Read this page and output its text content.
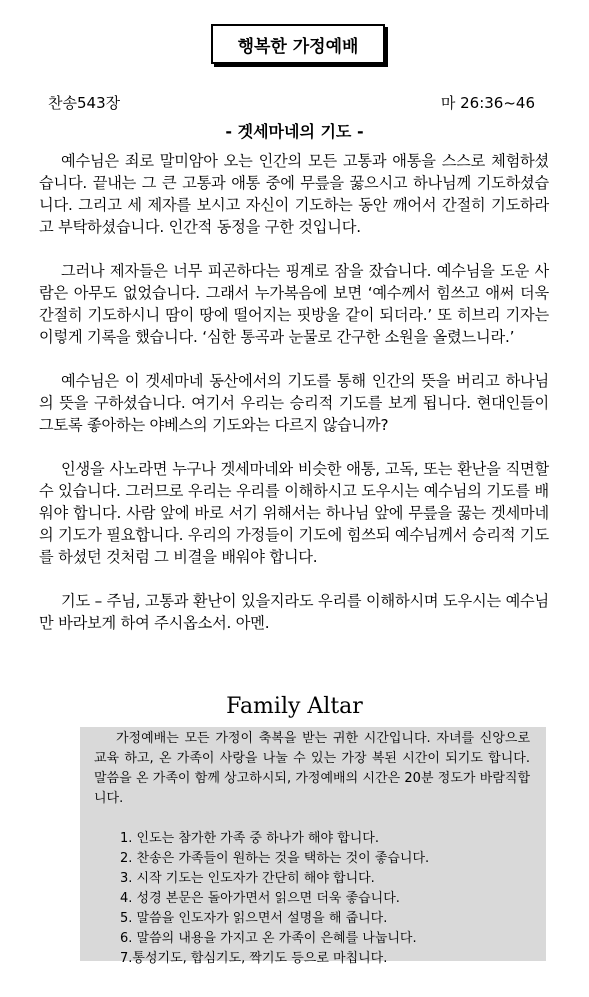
행복한 가정예배
찬송543장	마 26:36~46
- 겟세마네의 기도 -

예수님은 죄로 말미암아 오는 인간의 모든 고통과 애통을 스스로 체험하셨습니다. 끝내는 그 큰 고통과 애통 중에 무릎을 꿇으시고 하나님께 기도하셨습니다. 그리고 세 제자를 보시고 자신이 기도하는 동안 깨어서 간절히 기도하라고 부탁하셨습니다. 인간적 동정을 구한 것입니다.

그러나 제자들은 너무 피곤하다는 핑계로 잠을 잤습니다. 예수님을 도운 사람은 아무도 없었습니다. 그래서 누가복음에 보면 ‘예수께서 힘쓰고 애써 더욱 간절히 기도하시니 땀이 땅에 떨어지는 핏방울 같이 되더라.’ 또 히브리 기자는 이렇게 기록을 했습니다. ‘심한 통곡과 눈물로 간구한 소원을 올렸느니라.’

예수님은 이 겟세마네 동산에서의 기도를 통해 인간의 뜻을 버리고 하나님의 뜻을 구하셨습니다. 여기서 우리는 승리적 기도를 보게 됩니다. 현대인들이 그토록 좋아하는 야베스의 기도와는 다르지 않습니까?

인생을 사노라면 누구나 겟세마네와 비슷한 애통, 고독, 또는 환난을 직면할 수 있습니다. 그러므로 우리는 우리를 이해하시고 도우시는 예수님의 기도를 배워야 합니다. 사람 앞에 바로 서기 위해서는 하나님 앞에 무릎을 꿇는 겟세마네의 기도가 필요합니다. 우리의 가정들이 기도에 힘쓰되 예수님께서 승리적 기도를 하셨던 것처럼 그 비결을 배워야 합니다.

기도 – 주님, 고통과 환난이 있을지라도 우리를 이해하시며 도우시는 예수님만 바라보게 하여 주시옵소서. 아멘.

Family Altar

가정예배는 모든 가정이 축복을 받는 귀한 시간입니다. 자녀를 신앙으로 교육 하고, 온 가족이 사랑을 나눌 수 있는 가장 복된 시간이 되기도 합니다. 말씀을 온 가족이 함께 상고하시되, 가정예배의 시간은 20분 정도가 바람직합니다.

1. 인도는 참가한 가족 중 하나가 해야 합니다.
2. 찬송은 가족들이 원하는 것을 택하는 것이 좋습니다.
3. 시작 기도는 인도자가 간단히 해야 합니다.
4. 성경 본문은 돌아가면서 읽으면 더욱 좋습니다.
5. 말씀을 인도자가 읽으면서 설명을 해 줍니다.
6. 말씀의 내용을 가지고 온 가족이 은혜를 나눕니다.
7.통성기도, 합심기도, 짝기도 등으로 마칩니다.
